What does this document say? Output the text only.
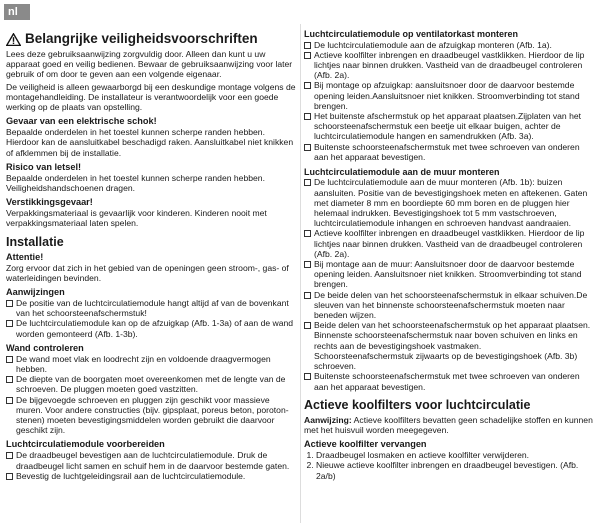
nl
Belangrijke veiligheidsvoorschriften

Lees deze gebruiksaanwijzing zorgvuldig door. Alleen dan kunt u uw apparaat goed en veilig bedienen. Bewaar de gebruiksaanwijzing voor later gebruik of om door te geven aan een volgende eigenaar.

De veiligheid is alleen gewaarborgd bij een deskundige montage volgens de montagehandleiding. De installateur is verantwoordelijk voor een goede werking op de plaats van opstelling.

Gevaar van een elektrische schok!

Bepaalde onderdelen in het toestel kunnen scherpe randen hebben. Hierdoor kan de aansluitkabel beschadigd raken. Aansluitkabel niet knikken of afklemmen bij de installatie.

Risico van letsel!

Bepaalde onderdelen in het toestel kunnen scherpe randen hebben. Veiligheidshandschoenen dragen.

Verstikkingsgevaar!

Verpakkingsmateriaal is gevaarlijk voor kinderen. Kinderen nooit met verpakkingsmateriaal laten spelen.

Installatie
Attentie!

Zorg ervoor dat zich in het gebied van de openingen geen stroom-, gas- of waterleidingen bevinden.

Aanwijzingen
De positie van de luchtcirculatiemodule hangt altijd af van de bovenkant van het schoorsteenafschermstuk!
De luchtcirculatiemodule kan op de afzuigkap (Afb. 1-3a) of aan de wand worden gemonteerd (Afb. 1-3b).
Wand controleren
De wand moet vlak en loodrecht zijn en voldoende draagvermogen hebben.
De diepte van de boorgaten moet overeenkomen met de lengte van de schroeven. De pluggen moeten goed vastzitten.
De bijgevoegde schroeven en pluggen zijn geschikt voor massieve muren. Voor andere constructies (bijv. gipsplaat, poreus beton, poroton-stenen) moeten bevestigingsmiddelen worden gebruikt die daarvoor geschikt zijn.
Luchtcirculatiemodule voorbereiden
De draadbeugel bevestigen aan de luchtcirculatiemodule. Druk de draadbeugel licht samen en schuif hem in de daarvoor bestemde gaten.
Bevestig de luchtgeleidingsrail aan de luchtcirculatiemodule.
Luchtcirculatiemodule op ventilatorkast monteren
De luchtcirculatiemodule aan de afzuigkap monteren (Afb. 1a).
Actieve koolfilter inbrengen en draadbeugel vastklikken. Hierdoor de lip lichtjes naar binnen drukken. Vastheid van de draadbeugel controleren (Afb. 2a).
Bij montage op afzuigkap: aansluitsnoer door de daarvoor bestemde opening leiden.Aansluitsnoer niet knikken. Stroomverbinding tot stand brengen.
Het buitenste afschermstuk op het apparaat plaatsen.Zijplaten van het schoorsteenafschermstuk een beetje uit elkaar buigen, achter de luchtcirculatiemodule hangen en samendrukken (Afb. 3a).
Buitenste schoorsteenafschermstuk met twee schroeven van onderen aan het apparaat bevestigen.
Luchtcirculatiemodule aan de muur monteren
De luchtcirculatiemodule aan de muur monteren (Afb. 1b): buizen aansluiten. Positie van de bevestigingshoek meten en aftekenen. Gaten met diameter 8 mm en boordiepte 60 mm boren en de pluggen hier helemaal indrukken. Bevestigingshoek tot 5 mm vastschroeven, luchtcirculatiemodule inhangen en schroeven handvast aandraaien.
Actieve koolfilter inbrengen en draadbeugel vastklikken. Hierdoor de lip lichtjes naar binnen drukken. Vastheid van de draadbeugel controleren (Afb. 2a).
Bij montage aan de muur: Aansluitsnoer door de daarvoor bestemde opening leiden. Aansluitsnoer niet knikken. Stroomverbinding tot stand brengen.
De beide delen van het schoorsteenafschermstuk in elkaar schuiven.De sleuven van het binnenste schoorsteenafschermstuk moeten naar beneden wijzen.
Beide delen van het schoorsteenafschermstuk op het apparaat plaatsen. Binnenste schoorsteenafschermstuk naar boven schuiven en links en rechts aan de bevestigingshoek vastmaken.
Schoorsteenafschermstuk zijwaarts op de bevestigingshoek (Afb. 3b) schroeven.
Buitenste schoorsteenafschermstuk met twee schroeven van onderen aan het apparaat bevestigen.
Actieve koolfilters voor luchtcirculatie

Aanwijzing: Actieve koolfilters bevatten geen schadelijke stoffen en kunnen met het huisvuil worden meegegeven.

Actieve koolfilter vervangen
1. Draadbeugel losmaken en actieve koolfilter verwijderen.
2. Nieuwe actieve koolfilter inbrengen en draadbeugel bevestigen. (Afb. 2a/b)
